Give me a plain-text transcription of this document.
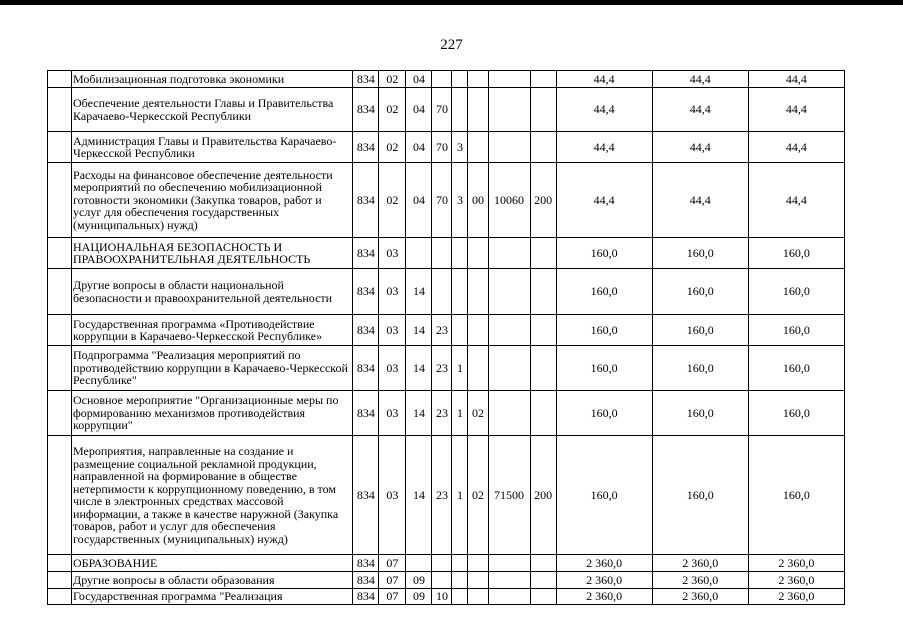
227
	Мобилизационная подготовка экономики	834	02	04						44,4	44,4	44,4
	Обеспечение деятельности Главы и Правительства Карачаево-Черкесской Республики	834	02	04	70					44,4	44,4	44,4
	Администрация Главы и Правительства Карачаево-Черкесской Республики	834	02	04	70	3				44,4	44,4	44,4
	Расходы на финансовое обеспечение деятельности мероприятий по обеспечению мобилизационной готовности экономики (Закупка товаров, работ и услуг для обеспечения государственных (муниципальных) нужд)	834	02	04	70	3	00	10060	200	44,4	44,4	44,4
	НАЦИОНАЛЬНАЯ БЕЗОПАСНОСТЬ И ПРАВООХРАНИТЕЛЬНАЯ ДЕЯТЕЛЬНОСТЬ	834	03							160,0	160,0	160,0
	Другие вопросы в области национальной безопасности и правоохранительной деятельности	834	03	14						160,0	160,0	160,0
	Государственная программа «Противодействие коррупции в Карачаево-Черкесской Республике»	834	03	14	23					160,0	160,0	160,0
	Подпрограмма "Реализация мероприятий по противодействию коррупции в Карачаево-Черкесской Республике"	834	03	14	23	1				160,0	160,0	160,0
	Основное мероприятие "Организационные меры по формированию механизмов противодействия коррупции"	834	03	14	23	1	02			160,0	160,0	160,0
	Мероприятия, направленные на создание и размещение социальной рекламной продукции, направленной на формирование в обществе нетерпимости к коррупционному поведению, в том числе в электронных средствах массовой информации, а также в качестве наружной (Закупка товаров, работ и услуг для обеспечения государственных (муниципальных) нужд)	834	03	14	23	1	02	71500	200	160,0	160,0	160,0
	ОБРАЗОВАНИЕ	834	07							2 360,0	2 360,0	2 360,0
	Другие вопросы в области образования	834	07	09						2 360,0	2 360,0	2 360,0
	Государственная программа "Реализация	834	07	09	10					2 360,0	2 360,0	2 360,0
